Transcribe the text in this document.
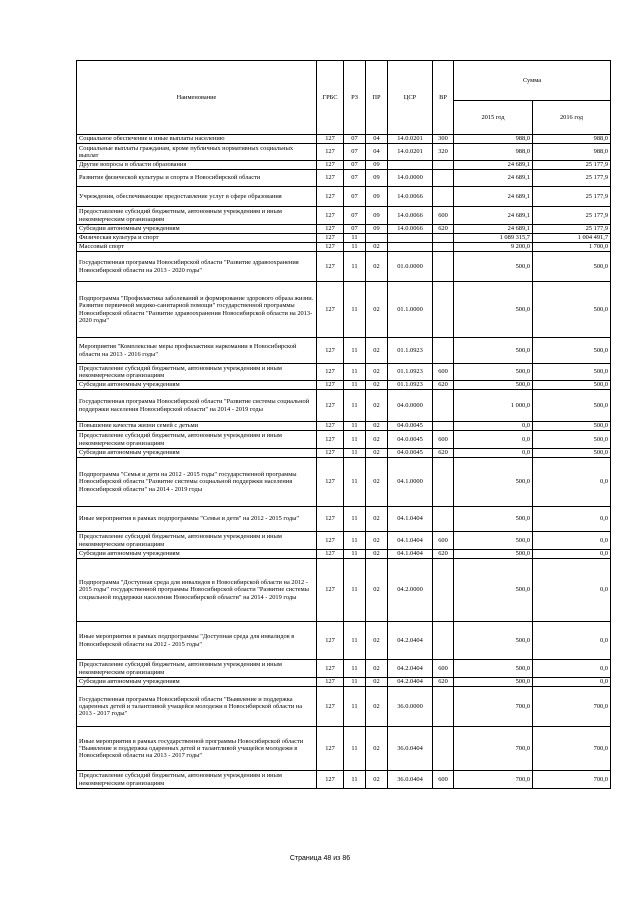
Наименование	ГРБС	РЗ	ПР	ЦСР	ВР	Сумма	
						2015 год	2016 год
Социальное обеспечение и иные выплаты населению	127	07	04	14.0.0201	300	988,0	988,0
Социальные выплаты гражданам, кроме публичных нормативных социальных выплат	127	07	04	14.0.0201	320	988,0	988,0
Другие вопросы в области образования	127	07	09			24 689,1	25 177,9
Развитие физической культуры и спорта в Новосибирской области	127	07	09	14.0.0000		24 689,1	25 177,9
Учреждения, обеспечивающие предоставление услуг в сфере образования	127	07	09	14.0.0066		24 689,1	25 177,9
Предоставление субсидий бюджетным, автономным учреждениям и иным некоммерческим организациям	127	07	09	14.0.0066	600	24 689,1	25 177,9
Субсидии автономным учреждениям	127	07	09	14.0.0066	620	24 689,1	25 177,9
Физическая культура и спорт	127	11				1 089 315,7	1 004 491,7
Массовый спорт	127	11	02			9 200,0	1 700,0
Государственная программа Новосибирской области "Развитие здравоохранения Новосибирской области на 2013 - 2020 годы"	127	11	02	01.0.0000		500,0	500,0
Подпрограмма "Профилактика заболеваний и формирование здорового образа жизни. Развитие первичной медико-санитарной помощи" государственной программы Новосибирской области "Развитие здравоохранения Новосибирской области на 2013-2020 годы"	127	11	02	01.1.0000		500,0	500,0
Мероприятия "Комплексные меры профилактики наркомании в Новосибирской области на 2013 - 2016 годы"	127	11	02	01.1.0923		500,0	500,0
Предоставление субсидий бюджетным, автономным учреждениям и иным некоммерческим организациям	127	11	02	01.1.0923	600	500,0	500,0
Субсидии автономным учреждениям	127	11	02	01.1.0923	620	500,0	500,0
Государственная программа Новосибирской области "Развитие системы социальной поддержки населения Новосибирской области" на 2014 - 2019 годы	127	11	02	04.0.0000		1 000,0	500,0
Повышение качества жизни семей с детьми	127	11	02	04.0.0045		0,0	500,0
Предоставление субсидий бюджетным, автономным учреждениям и иным некоммерческим организациям	127	11	02	04.0.0045	600	0,0	500,0
Субсидии автономным учреждениям	127	11	02	04.0.0045	620	0,0	500,0
Подпрограмма "Семья и дети на 2012 - 2015 годы" государственной программы Новосибирской области "Развитие системы социальной поддержки населения Новосибирской области" на 2014 - 2019 годы	127	11	02	04.1.0000		500,0	0,0
Иные мероприятия в рамках подпрограммы "Семья и дети" на 2012 - 2015 годы"	127	11	02	04.1.0404		500,0	0,0
Предоставление субсидий бюджетным, автономным учреждениям и иным некоммерческим организациям	127	11	02	04.1.0404	600	500,0	0,0
Субсидии автономным учреждениям	127	11	02	04.1.0404	620	500,0	0,0
Подпрограмма "Доступная среда для инвалидов в Новосибирской области на 2012 - 2015 годы" государственной программы Новосибирской области "Развитие системы социальной поддержки населения Новосибирской области" на 2014 - 2019 годы	127	11	02	04.2.0000		500,0	0,0
Иные мероприятия в рамках подпрограммы "Доступная среда для инвалидов в Новосибирской области на 2012 - 2015 годы"	127	11	02	04.2.0404		500,0	0,0
Предоставление субсидий бюджетным, автономным учреждениям и иным некоммерческим организациям	127	11	02	04.2.0404	600	500,0	0,0
Субсидии автономным учреждениям	127	11	02	04.2.0404	620	500,0	0,0
Государственная программа Новосибирской области "Выявление и поддержка одаренных детей и талантливой учащейся молодежи в Новосибирской области на 2013 - 2017 годы"	127	11	02	36.0.0000		700,0	700,0
Иные мероприятия в рамках государственной программы Новосибирской области "Выявление и поддержка одаренных детей и талантливой учащейся молодежи в Новосибирской области на 2013 - 2017 годы"	127	11	02	36.0.0404		700,0	700,0
Предоставление субсидий бюджетным, автономным учреждениям и иным некоммерческим организациям	127	11	02	36.0.0404	600	700,0	700,0
Страница 48 из 86
